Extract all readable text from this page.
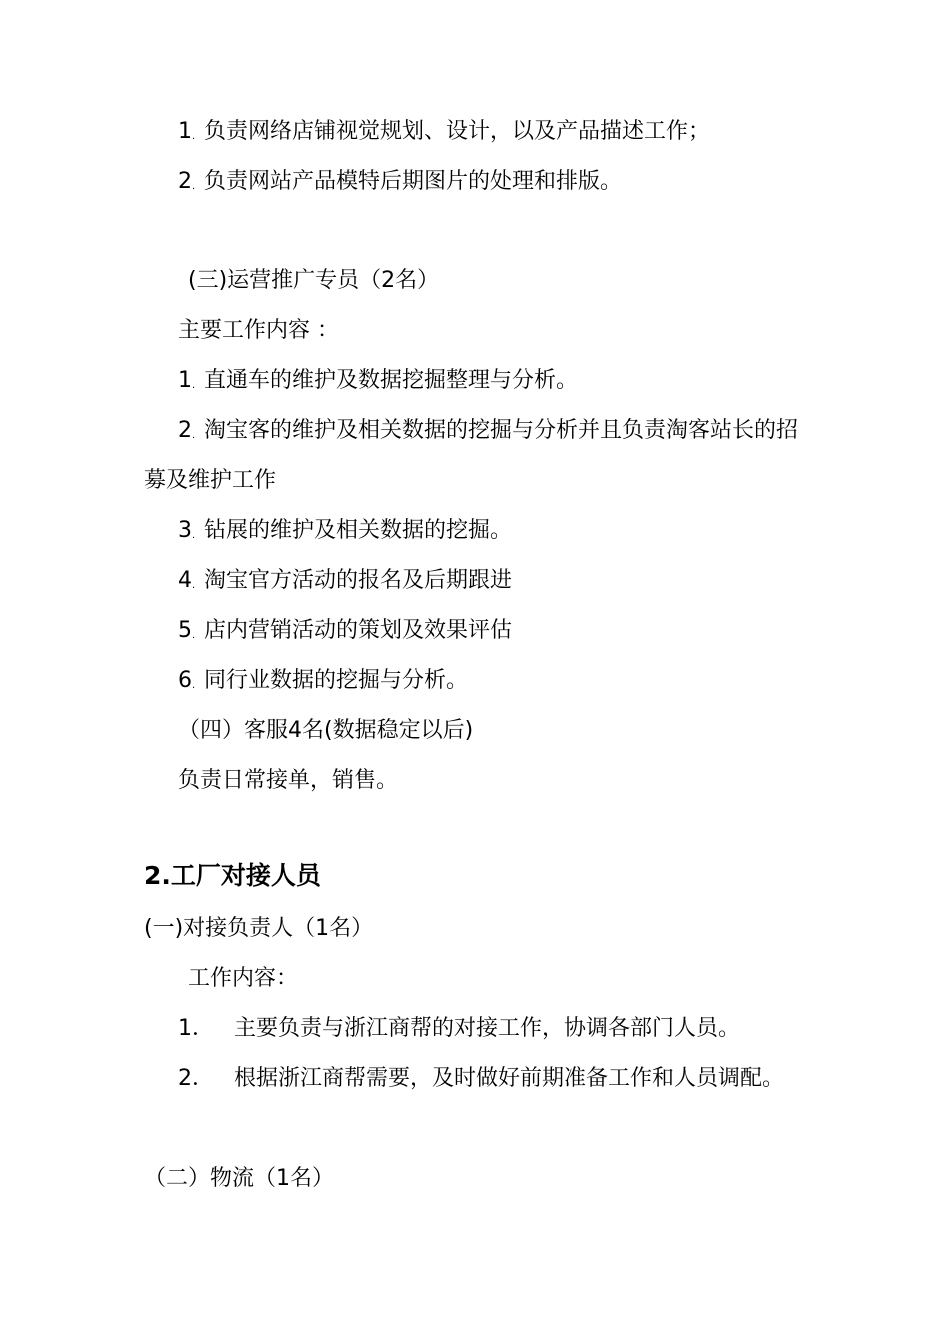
1. 负责网络店铺视觉规划、设计，以及产品描述工作；
2. 负责网站产品模特后期图片的处理和排版。
(三)运营推广专员（2名）
主要工作内容 ：
1. 直通车的维护及数据挖掘整理与分析。
2. 淘宝客的维护及相关数据的挖掘与分析并且负责淘客站长的招
募及维护工作
3. 钻展的维护及相关数据的挖掘。
4. 淘宝官方活动的报名及后期跟进
5. 店内营销活动的策划及效果评估
6. 同行业数据的挖掘与分析。
（四）客服4名(数据稳定以后)
负责日常接单，销售。
2.工厂对接人员
(一)对接负责人（1名）
工作内容：
1． 主要负责与浙江商帮的对接工作，协调各部门人员。
2． 根据浙江商帮需要，及时做好前期准备工作和人员调配。
（二）物流（1名）
